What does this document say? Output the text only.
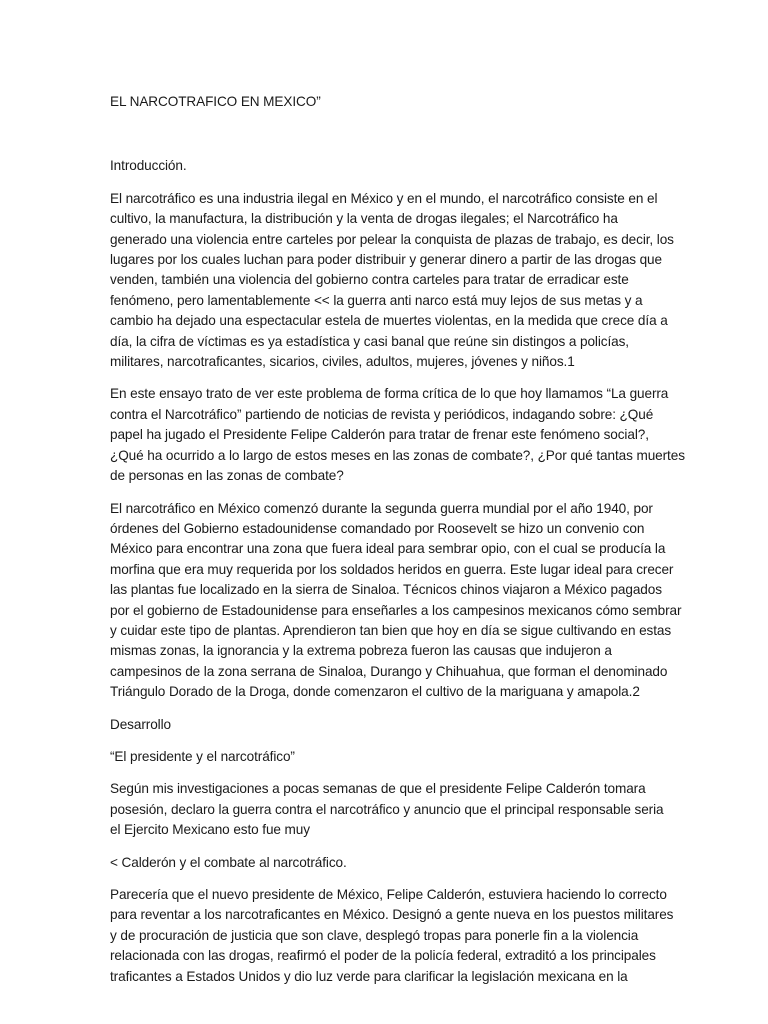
EL NARCOTRAFICO EN MEXICO”
Introducción.
El narcotráfico es una industria ilegal en México y en el mundo, el narcotráfico consiste en el
cultivo, la manufactura, la distribución y la venta de drogas ilegales; el Narcotráfico ha
generado una violencia entre carteles por pelear la conquista de plazas de trabajo, es decir, los
lugares por los cuales luchan para poder distribuir y generar dinero a partir de las drogas que
venden, también una violencia del gobierno contra carteles para tratar de erradicar este
fenómeno, pero lamentablemente << la guerra anti narco está muy lejos de sus metas y a
cambio ha dejado una espectacular estela de muertes violentas, en la medida que crece día a
día, la cifra de víctimas es ya estadística y casi banal que reúne sin distingos a policías,
militares, narcotraficantes, sicarios, civiles, adultos, mujeres, jóvenes y niños.1
En este ensayo trato de ver este problema de forma crítica de lo que hoy llamamos “La guerra
contra el Narcotráfico” partiendo de noticias de revista y periódicos, indagando sobre: ¿Qué
papel ha jugado el Presidente Felipe Calderón para tratar de frenar este fenómeno social?,
¿Qué ha ocurrido a lo largo de estos meses en las zonas de combate?, ¿Por qué tantas muertes
de personas en las zonas de combate?
El narcotráfico en México comenzó durante la segunda guerra mundial por el año 1940, por
órdenes del Gobierno estadounidense comandado por Roosevelt se hizo un convenio con
México para encontrar una zona que fuera ideal para sembrar opio, con el cual se producía la
morfina que era muy requerida por los soldados heridos en guerra. Este lugar ideal para crecer
las plantas fue localizado en la sierra de Sinaloa. Técnicos chinos viajaron a México pagados
por el gobierno de Estadounidense para enseñarles a los campesinos mexicanos cómo sembrar
y cuidar este tipo de plantas. Aprendieron tan bien que hoy en día se sigue cultivando en estas
mismas zonas, la ignorancia y la extrema pobreza fueron las causas que indujeron a
campesinos de la zona serrana de Sinaloa, Durango y Chihuahua, que forman el denominado
Triángulo Dorado de la Droga, donde comenzaron el cultivo de la mariguana y amapola.2
Desarrollo
“El presidente y el narcotráfico”
Según mis investigaciones a pocas semanas de que el presidente Felipe Calderón tomara
posesión, declaro la guerra contra el narcotráfico y anuncio que el principal responsable seria
el Ejercito Mexicano esto fue muy
< Calderón y el combate al narcotráfico.
Parecería que el nuevo presidente de México, Felipe Calderón, estuviera haciendo lo correcto
para reventar a los narcotraficantes en México. Designó a gente nueva en los puestos militares
y de procuración de justicia que son clave, desplegó tropas para ponerle fin a la violencia
relacionada con las drogas, reafirmó el poder de la policía federal, extraditó a los principales
traficantes a Estados Unidos y dio luz verde para clarificar la legislación mexicana en la
